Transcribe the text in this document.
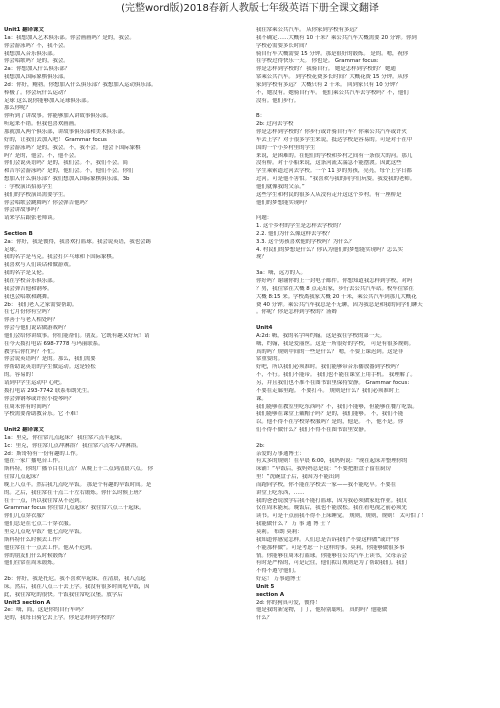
(完整word版)2018春新人教版七年级英语下册全课文翻译
Unit1 翻译课文
1a：我想加入艺术俱乐部。你会画画吗？是的，我会。
你会游泳吗？不，我不会。
我想加入音乐俱乐部。
你会唱歌吗？是的，我会。
2a：你想加入什么俱乐部？
我想加入国际象棋俱乐部。
2d：你好，鲍勃。你想加入什么俱乐部？我想加入运动俱乐部。
棒极了。你会玩什么运动？
足球 这么说你能够加入足球俱乐部。
那么你呢？
你听到了讲故事。你能够加入讲故事俱乐部。
听起来不错。但我也喜欢画画。
那就加入两个俱乐部，讲故事俱乐部和美术俱乐部。
好的，让我们去加入吧！ Grammar focus
你会游泳吗？是的，我会。不，我不会。 他会下国际象棋
吗？是的，他会。不，他不会。
你们会说英语吗？是的，我们会。不，我们不会。简
和吉尔会游泳吗？是的，他们会。不，他们不会。你们
想加入什么俱乐部？我们想加入国际象棋俱乐部。3b
：学校演出招募学生
我们的学校演出需要学生。
你会唱歌会跳舞吗？你会弹吉他吗？
你会讲故事吗？
请来学后跟张老师谈。
Section B
2a：你好，我是彼得，我喜欢打篮球。我会说英语，我也会踢
足球。
我的名字是马克。我会打乒乓球和下国际象棋。
我喜欢与人们谈话和做游戏。
我的名字是艾伦。
我在学校音乐俱乐部。
我会弹吉他和钢琴。
我也会唱歌和跳舞。
2b： 我们老人之家需要帮助。
在七月份你有空吗？
你善于与老人相处吗？
你会与他们说话做游戏吗？
他们会给你讲故事。你们能帮们。朋友。它既有趣又好玩！请
在今天拨打电话 698-7778 与玛丽联系。
教学后你忙吗？不忙。
你会说英语吗？是的。那么，我们需要
你帮助说英语的学生做运动。这是轻松
的。容易的！
请到中学生运动中 心吧。
拨打电话 293-7742 联系布朗先生。
你会弹钢琴或许拉小提琴吗？
在周末你有时间吗？
学校需要帮助教音乐。它 不难！
Unit2 翻译课文
1a：里克，你往常几点起床？ 我往常六点半起床。
1c：里克，你往常几点冲淋浴？ 我往常六点零八冲淋浴。
2d：斯哥特有一份有趣的工作。
他在一家广播电台工作。
斯科特，你的广播节目在几点？ 从晚上十二点到清晨六点。 你
往常几点起床？
晚上八点半。然后我九点吃早饭。 那是个有趣的早饭时间。是
的。之后，我往常在十点二十左右锻炼。你什么时候上班？
在十一点，所以我往常从不迟到。
Grammar focus 你往常几点起床？我往常六点三十起床。
你们几点穿衣服？
他们总是在七点二十穿衣服。
里克几点吃早饭？他七点吃早饭。
斯科特什么时候去工作？
他往常在十一点去工作。他从不迟到。
你的朋友们什么时候锻炼？
他们往常在周末锻炼。
2b：你好，我是托尼。我不喜欢早起床。在清晨，我八点起
床。然后，我在八点三十去上学。我没有很多时间吃早饭，因
此，我往常吃的很快。午饭我往常吃汉堡。放学后
Unit3 section A
2e：嗨，简，这是你的自行车吗？
是的，我每日骑它去上学。你是怎样到学校的？
我往常乘公共汽车。 从你家到学校有多远？
我不确定……大概有 10 千米？乘公共汽车大概需要 20 分钟。你到
学校必需要多长时间？
骑自行车大概需要 15 分钟。那是很好的锻炼。 是的。嗯，祝你
在学校过得快乐一天。 你也是。 Grammar focus:
你是怎样到学校的？ 我骑自行。 她是怎样到学校的？ 她通
常乘公共汽车。 到学校花费多长时间？大概花费 15 分钟。从你
家到学校有多远？ 大概只有 2 千米。 回到家只有 10 分钟？
不，她没有。她骑自行车。 他们乘公共汽车去学校吗？不，他们
没有。他们步行。
B：
2b: 过河去学校
你是怎样到学校的？你步行或许骑自行车？你乘公共汽车或许火
车去上学？对于很多学生来说，抵达学校是容易的。可是对于在中
国的一个小乡村里的学生
来说，是困难的。在他们的学校和乡村之间有一条很大的河。那儿
没有桥。对于小船来说，这条河流太湍急不能摆渡。因此这些
学生乘索道过河去学校。一个 11 岁的男孩，亮亮，每个上学日都
过河。可是他不害怕。“我喜欢与我的同学们玩耍。我爱我的老师。
他们就像我的父亲。”
这些学生和村民的很多人从没有走开这这个乡村。有一座桥是
他们的梦想能实现吗？
问题：
1. 这个乡村的学生是怎样去学校的？
2.2. 他们为什么像这样去学校？
3.3. 这个男孩喜欢他的学校吗？为什么？
4. 村民们的梦想是什么？你认为他们的梦想能实现吗？怎么实
现？
3a：嗨，远方的人。
你好吗？谢谢你的上一封电子邮件。你想知道我怎样到学校，对吗
？男，我往常在大概 8 点走出家，步行去公共汽车站。校车往常在
大概 8:15 来。学校离我家大概 20 千米，乘公共汽车到那儿大概花
费 40 分钟。乘公共汽车我总是不无聊，因为我总是和我的同学们聊天
。你呢？你是怎样到学校的？汤姆
Unit4
A:2d: 嗨，我的名字叫约翰。这是我在学校的第一天。
嗨，约翰，我是爱丽丝。这是一所很好的学校， 可是有很多规则。
真的吗？规则中间的一些是什么？ 嗯，不要上课迟到。这是非
常重要的。
好吧，所以我们必须准时。我们能够带音乐播放器到学校吗？
不，不行。我们不能带。 我们也不能在课堂上用手机。 我理解了。
另，并且我们也不准不在图书馆里保持安静。 Grammar focus:
不要在走廊里跑。 不要打斗。 规则是什么？我们必须准时上
课。
我们能够在教室里吃东西吗？不，我们不能够，但能够在餐厅吃饭。
我们能够在课堂上戴帽子吗？是的，我们能够。 不，我们不能
以。他不得不在学校穿校服吗？是的，他是。 不，他不是。你
们不得不做什么？我们不得不在图书馆里安静。
2b:
亲爱的万事通博士：
有太多的规则！在早晨 6:00，我妈妈说：“现在起床并整理你的
床铺！”早饭后，我妈妈总是说：“不要把脏盘子留在厨房
里！”洗碗盘子后，我因为不能出到
而跑向学校，你不能在学校去一家——我不能吃早。不要在
讲堂上吃东西，……
我的爸爸说放学后我不能打篮球，因为我必须做家庭作业。我仅
仅在周末能玩。晚饭后，我也不能放松。我在看电视之前必须先
读书。可是十点前我不得不上床睡觉。 规则，规则，规则！ 太可怕了！
我能做什么 ？ 万 事 通 博 士 ？
莫莉。 布朗 莫莉：
我知道你感觉怎样。人们总是告诉我们“不要这样做”或许“你
不能那样做”。可是考虑一下这样的事。莫莉，你能够做很多事
情。你能够在周末打篮球。你能够在公共汽车上读书，父母亲会
有时是严格的，可是记住，他们拟订规则是为了帮助我们。我们
不得不遵守他们。
好运！ 万事通博士
Unit 5
section A
2d: 你的狗真可爱，彼得！
他是我的新宠物，丁丁，他特别聪明。 真的吗？他能做
什么？
